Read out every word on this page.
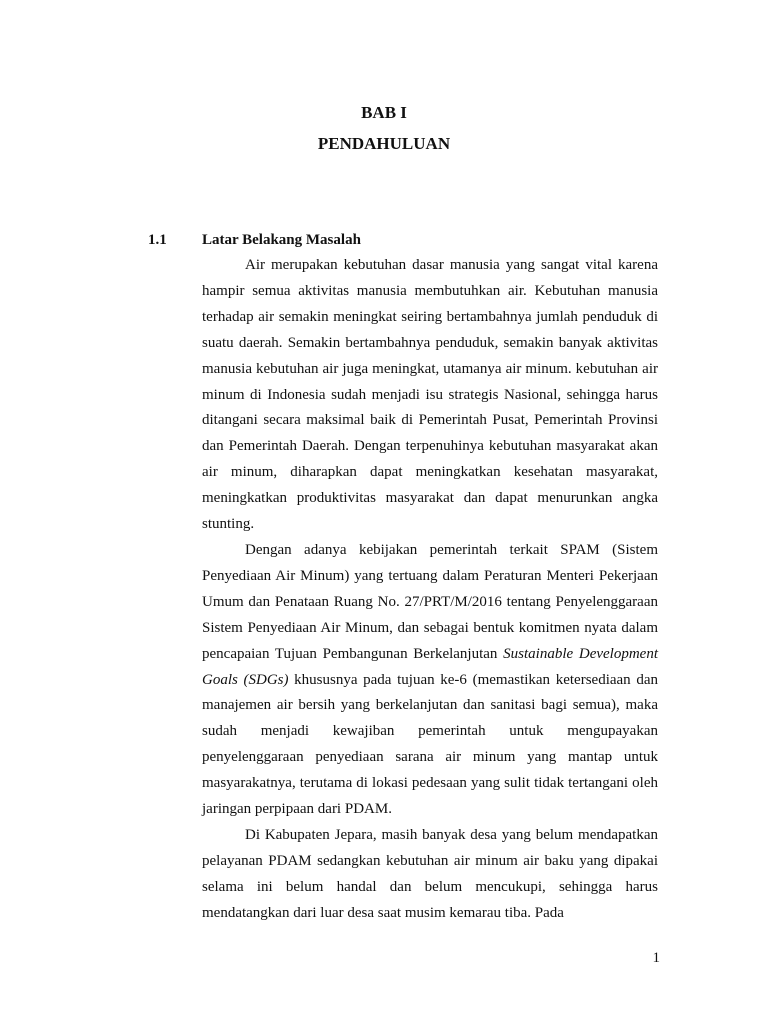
BAB I
PENDAHULUAN
1.1 Latar Belakang Masalah

Air merupakan kebutuhan dasar manusia yang sangat vital karena hampir semua aktivitas manusia membutuhkan air. Kebutuhan manusia terhadap air semakin meningkat seiring bertambahnya jumlah penduduk di suatu daerah. Semakin bertambahnya penduduk, semakin banyak aktivitas manusia kebutuhan air juga meningkat, utamanya air minum. kebutuhan air minum di Indonesia sudah menjadi isu strategis Nasional, sehingga harus ditangani secara maksimal baik di Pemerintah Pusat, Pemerintah Provinsi dan Pemerintah Daerah. Dengan terpenuhinya kebutuhan masyarakat akan air minum, diharapkan dapat meningkatkan kesehatan masyarakat, meningkatkan produktivitas masyarakat dan dapat menurunkan angka stunting.

Dengan adanya kebijakan pemerintah terkait SPAM (Sistem Penyediaan Air Minum) yang tertuang dalam Peraturan Menteri Pekerjaan Umum dan Penataan Ruang No. 27/PRT/M/2016 tentang Penyelenggaraan Sistem Penyediaan Air Minum, dan sebagai bentuk komitmen nyata dalam pencapaian Tujuan Pembangunan Berkelanjutan Sustainable Development Goals (SDGs) khususnya pada tujuan ke-6 (memastikan ketersediaan dan manajemen air bersih yang berkelanjutan dan sanitasi bagi semua), maka sudah menjadi kewajiban pemerintah untuk mengupayakan penyelenggaraan penyediaan sarana air minum yang mantap untuk masyarakatnya, terutama di lokasi pedesaan yang sulit tidak tertangani oleh jaringan perpipaan dari PDAM.

Di Kabupaten Jepara, masih banyak desa yang belum mendapatkan pelayanan PDAM sedangkan kebutuhan air minum air baku yang dipakai selama ini belum handal dan belum mencukupi, sehingga harus mendatangkan dari luar desa saat musim kemarau tiba. Pada

1
